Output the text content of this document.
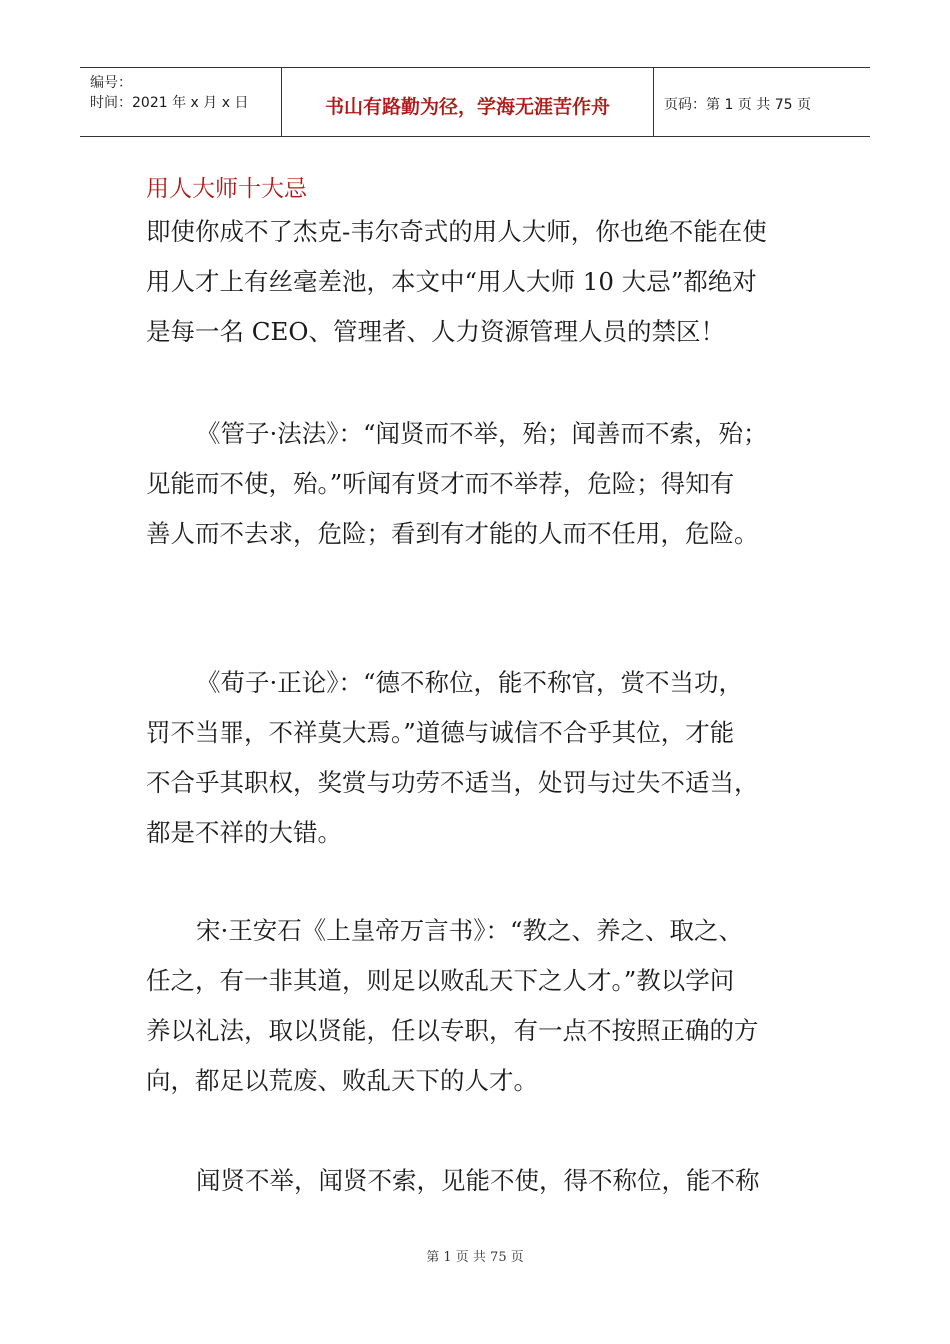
编号：
时间：2021 年 x 月 x 日	书山有路勤为径，学海无涯苦作舟	页码：第 1 页 共 75 页
用人大师十大忌
即使你成不了杰克-韦尔奇式的用人大师，你也绝不能在使
用人才上有丝毫差池，本文中“用人大师 10 大忌”都绝对
是每一名 CEO、管理者、人力资源管理人员的禁区！
《管子·法法》：“闻贤而不举，殆；闻善而不索，殆；
见能而不使，殆。”听闻有贤才而不举荐，危险；得知有
善人而不去求，危险；看到有才能的人而不任用，危险。
《荀子·正论》：“德不称位，能不称官，赏不当功，
罚不当罪，不祥莫大焉。”道德与诚信不合乎其位，才能
不合乎其职权，奖赏与功劳不适当，处罚与过失不适当，
都是不祥的大错。
宋·王安石《上皇帝万言书》：“教之、养之、取之、
任之，有一非其道，则足以败乱天下之人才。”教以学问
养以礼法，取以贤能，任以专职，有一点不按照正确的方
向，都足以荒废、败乱天下的人才。
闻贤不举，闻贤不索，见能不使，得不称位，能不称
第 1 页 共 75 页
